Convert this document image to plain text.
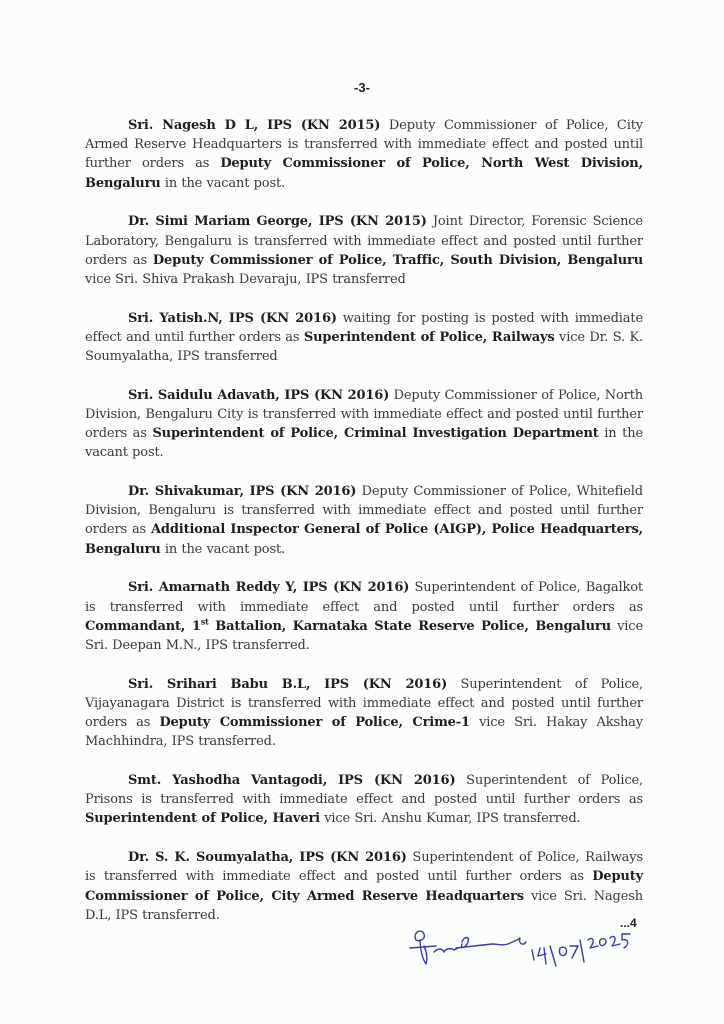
-3-

Sri. Nagesh D L, IPS (KN 2015) Deputy Commissioner of Police, City Armed Reserve Headquarters is transferred with immediate effect and posted until further orders as Deputy Commissioner of Police, North West Division, Bengaluru in the vacant post.

Dr. Simi Mariam George, IPS (KN 2015) Joint Director, Forensic Science Laboratory, Bengaluru is transferred with immediate effect and posted until further orders as Deputy Commissioner of Police, Traffic, South Division, Bengaluru vice Sri. Shiva Prakash Devaraju, IPS transferred

Sri. Yatish.N, IPS (KN 2016) waiting for posting is posted with immediate effect and until further orders as Superintendent of Police, Railways vice Dr. S. K. Soumyalatha, IPS transferred

Sri. Saidulu Adavath, IPS (KN 2016) Deputy Commissioner of Police, North Division, Bengaluru City is transferred with immediate effect and posted until further orders as Superintendent of Police, Criminal Investigation Department in the vacant post.

Dr. Shivakumar, IPS (KN 2016) Deputy Commissioner of Police, Whitefield Division, Bengaluru is transferred with immediate effect and posted until further orders as Additional Inspector General of Police (AIGP), Police Headquarters, Bengaluru in the vacant post.

Sri. Amarnath Reddy Y, IPS (KN 2016) Superintendent of Police, Bagalkot is transferred with immediate effect and posted until further orders as Commandant, 1st Battalion, Karnataka State Reserve Police, Bengaluru vice Sri. Deepan M.N., IPS transferred.

Sri. Srihari Babu B.L, IPS (KN 2016) Superintendent of Police, Vijayanagara District is transferred with immediate effect and posted until further orders as Deputy Commissioner of Police, Crime-1 vice Sri. Hakay Akshay Machhindra, IPS transferred.

Smt. Yashodha Vantagodi, IPS (KN 2016) Superintendent of Police, Prisons is transferred with immediate effect and posted until further orders as Superintendent of Police, Haveri vice Sri. Anshu Kumar, IPS transferred.

Dr. S. K. Soumyalatha, IPS (KN 2016) Superintendent of Police, Railways is transferred with immediate effect and posted until further orders as Deputy Commissioner of Police, City Armed Reserve Headquarters vice Sri. Nagesh D.L, IPS transferred.

...4
